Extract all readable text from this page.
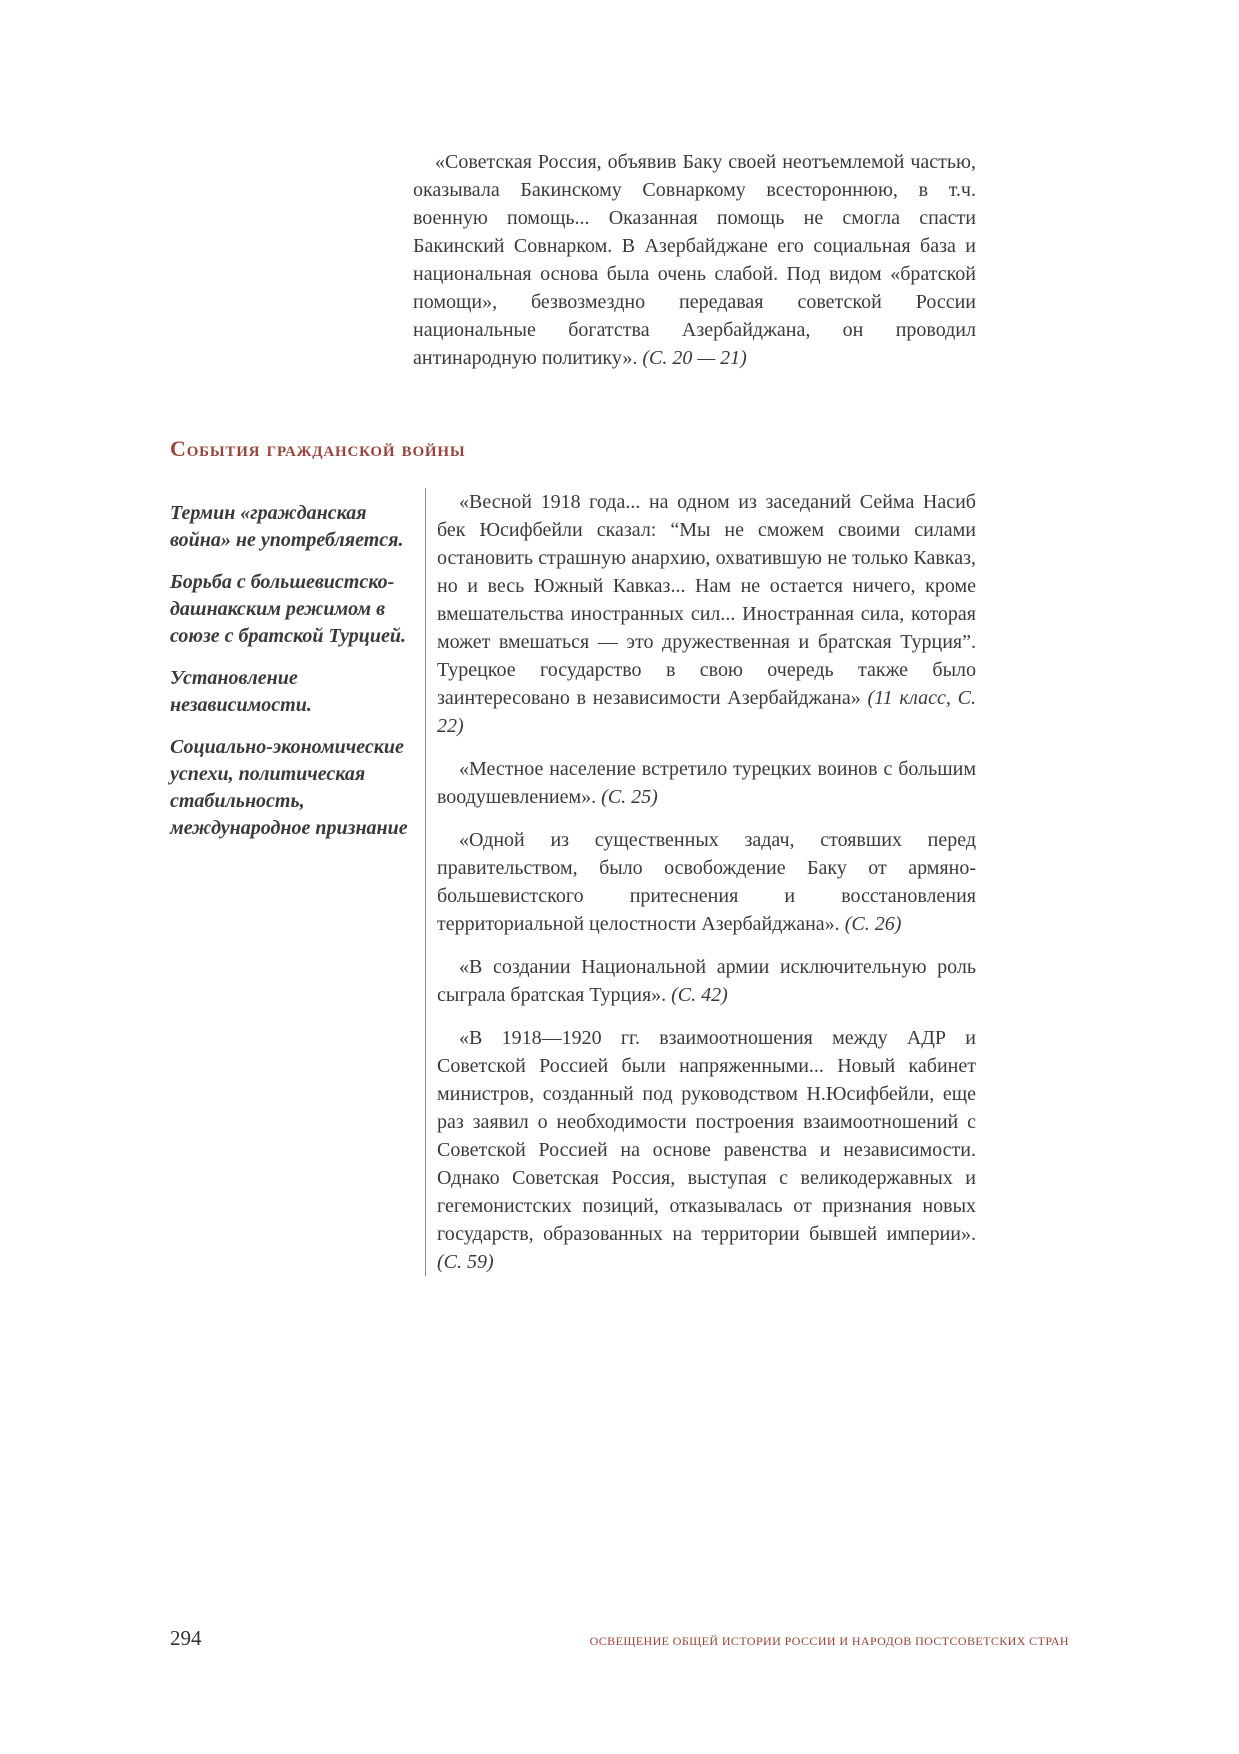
«Советская Россия, объявив Баку своей неотъемлемой частью, оказывала Бакинскому Совнаркому всестороннюю, в т.ч. военную помощь... Оказанная помощь не смогла спасти Бакинский Совнарком. В Азербайджане его социальная база и национальная основа была очень слабой. Под видом «братской помощи», безвозмездно передавая советской России национальные богатства Азербайджана, он проводил антинародную политику». (С. 20 — 21)

События гражданской войны

Термин «гражданская война» не употребляется.

Борьба с большевистско-дашнакским режимом в союзе с братской Турцией.

Установление независимости.

Социально-экономические успехи, политическая стабильность, международное признание

«Весной 1918 года... на одном из заседаний Сейма Насиб бек Юсифбейли сказал: “Мы не сможем своими силами остановить страшную анархию, охватившую не только Кавказ, но и весь Южный Кавказ... Нам не остается ничего, кроме вмешательства иностранных сил... Иностранная сила, которая может вмешаться — это дружественная и братская Турция”. Турецкое государство в свою очередь также было заинтересовано в независимости Азербайджана» (11 класс, С. 22)

«Местное население встретило турецких воинов с большим воодушевлением». (С. 25)

«Одной из существенных задач, стоявших перед правительством, было освобождение Баку от армяно-большевистского притеснения и восстановления территориальной целостности Азербайджана». (С. 26)

«В создании Национальной армии исключительную роль сыграла братская Турция». (С. 42)

«В 1918—1920 гг. взаимоотношения между АДР и Советской Россией были напряженными... Новый кабинет министров, созданный под руководством Н.Юсифбейли, еще раз заявил о необходимости построения взаимоотношений с Советской Россией на основе равенства и независимости. Однако Советская Россия, выступая с великодержавных и гегемонистских позиций, отказывалась от признания новых государств, образованных на территории бывшей империи». (С. 59)

294	ОСВЕЩЕНИЕ ОБЩЕЙ ИСТОРИИ РОССИИ И НАРОДОВ ПОСТСОВЕТСКИХ СТРАН
